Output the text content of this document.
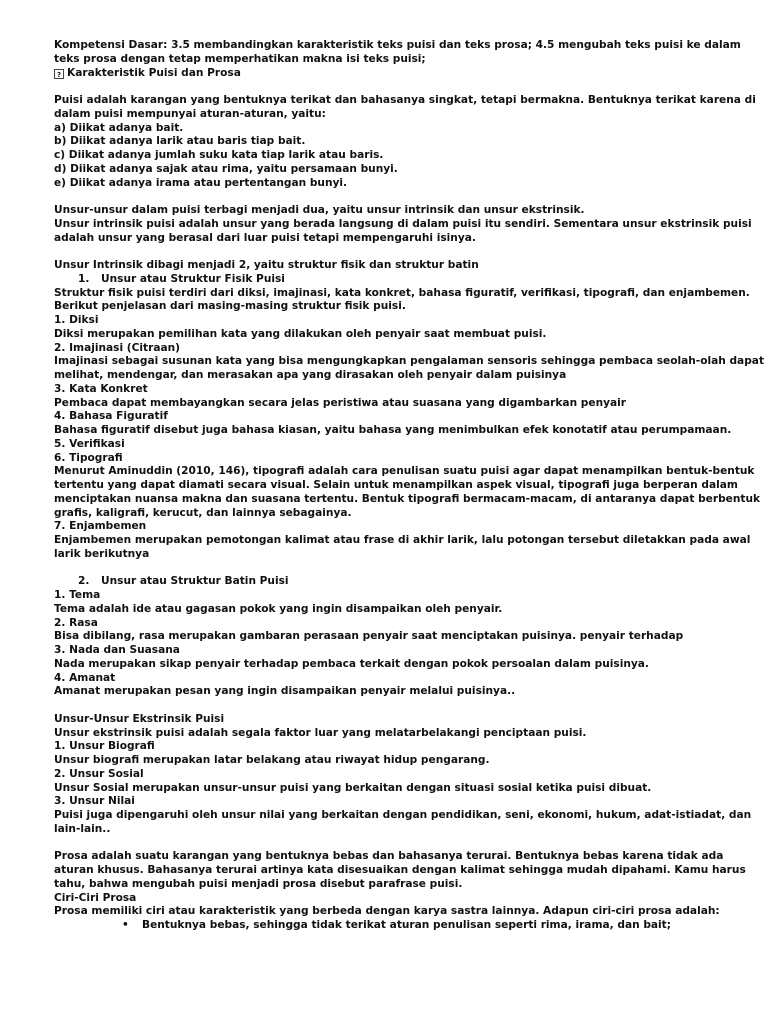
Kompetensi Dasar: 3.5 membandingkan karakteristik teks puisi dan teks prosa; 4.5 mengubah teks puisi ke dalam
teks prosa dengan tetap memperhatikan makna isi teks puisi;
? Karakteristik Puisi dan Prosa
Puisi adalah karangan yang bentuknya terikat dan bahasanya singkat, tetapi bermakna. Bentuknya terikat karena di
dalam puisi mempunyai aturan-aturan, yaitu:
a) Diikat adanya bait.
b) Diikat adanya larik atau baris tiap bait.
c) Diikat adanya jumlah suku kata tiap larik atau baris.
d) Diikat adanya sajak atau rima, yaitu persamaan bunyi.
e) Diikat adanya irama atau pertentangan bunyi.
Unsur-unsur dalam puisi terbagi menjadi dua, yaitu unsur intrinsik dan unsur ekstrinsik.
Unsur intrinsik puisi adalah unsur yang berada langsung di dalam puisi itu sendiri. Sementara unsur ekstrinsik puisi
adalah unsur yang berasal dari luar puisi tetapi mempengaruhi isinya.
Unsur Intrinsik dibagi menjadi 2, yaitu struktur fisik dan struktur batin
1. Unsur atau Struktur Fisik Puisi
Struktur fisik puisi terdiri dari diksi, imajinasi, kata konkret, bahasa figuratif, verifikasi, tipografi, dan enjambemen.
Berikut penjelasan dari masing-masing struktur fisik puisi.
1. Diksi
Diksi merupakan pemilihan kata yang dilakukan oleh penyair saat membuat puisi.
2. Imajinasi (Citraan)
Imajinasi sebagai susunan kata yang bisa mengungkapkan pengalaman sensoris sehingga pembaca seolah-olah dapat
melihat, mendengar, dan merasakan apa yang dirasakan oleh penyair dalam puisinya
3. Kata Konkret
Pembaca dapat membayangkan secara jelas peristiwa atau suasana yang digambarkan penyair
4. Bahasa Figuratif
Bahasa figuratif disebut juga bahasa kiasan, yaitu bahasa yang menimbulkan efek konotatif atau perumpamaan.
5. Verifikasi
6. Tipografi
Menurut Aminuddin (2010, 146), tipografi adalah cara penulisan suatu puisi agar dapat menampilkan bentuk-bentuk
tertentu yang dapat diamati secara visual. Selain untuk menampilkan aspek visual, tipografi juga berperan dalam
menciptakan nuansa makna dan suasana tertentu. Bentuk tipografi bermacam-macam, di antaranya dapat berbentuk
grafis, kaligrafi, kerucut, dan lainnya sebagainya.
7. Enjambemen
Enjambemen merupakan pemotongan kalimat atau frase di akhir larik, lalu potongan tersebut diletakkan pada awal
larik berikutnya
2. Unsur atau Struktur Batin Puisi
1. Tema
Tema adalah ide atau gagasan pokok yang ingin disampaikan oleh penyair.
2. Rasa
Bisa dibilang, rasa merupakan gambaran perasaan penyair saat menciptakan puisinya. penyair terhadap
3. Nada dan Suasana
Nada merupakan sikap penyair terhadap pembaca terkait dengan pokok persoalan dalam puisinya.
4. Amanat
Amanat merupakan pesan yang ingin disampaikan penyair melalui puisinya..
Unsur-Unsur Ekstrinsik Puisi
Unsur ekstrinsik puisi adalah segala faktor luar yang melatarbelakangi penciptaan puisi.
1. Unsur Biografi
Unsur biografi merupakan latar belakang atau riwayat hidup pengarang.
2. Unsur Sosial
Unsur Sosial merupakan unsur-unsur puisi yang berkaitan dengan situasi sosial ketika puisi dibuat.
3. Unsur Nilai
Puisi juga dipengaruhi oleh unsur nilai yang berkaitan dengan pendidikan, seni, ekonomi, hukum, adat-istiadat, dan
lain-lain..
Prosa adalah suatu karangan yang bentuknya bebas dan bahasanya terurai. Bentuknya bebas karena tidak ada
aturan khusus. Bahasanya terurai artinya kata disesuaikan dengan kalimat sehingga mudah dipahami. Kamu harus
tahu, bahwa mengubah puisi menjadi prosa disebut parafrase puisi.
Ciri-Ciri Prosa
Prosa memiliki ciri atau karakteristik yang berbeda dengan karya sastra lainnya. Adapun ciri-ciri prosa adalah:
• Bentuknya bebas, sehingga tidak terikat aturan penulisan seperti rima, irama, dan bait;
